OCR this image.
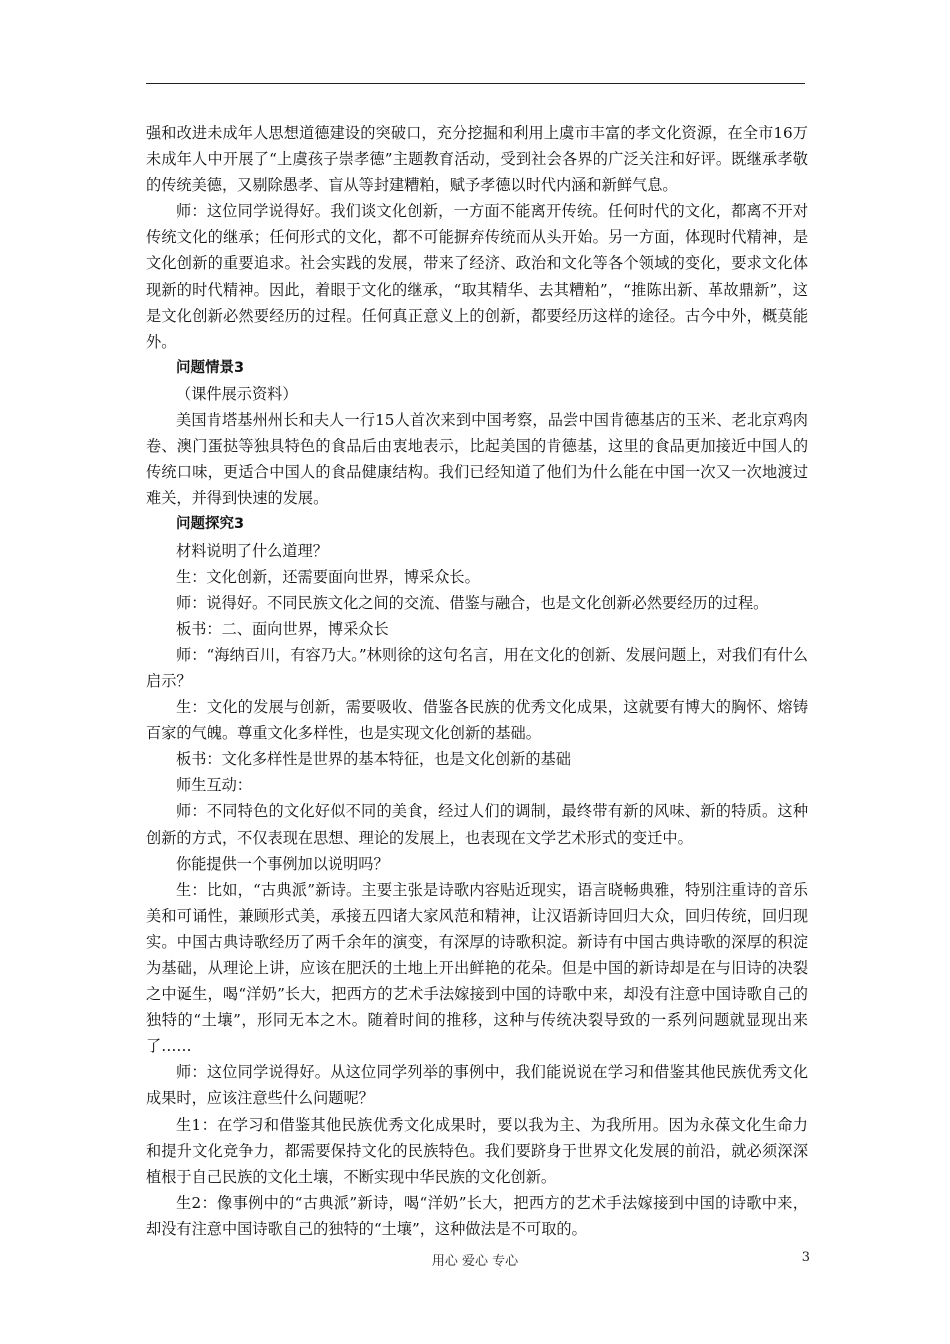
强和改进未成年人思想道德建设的突破口，充分挖掘和利用上虞市丰富的孝文化资源，在全市16万未成年人中开展了“上虞孩子崇孝德”主题教育活动，受到社会各界的广泛关注和好评。既继承孝敬的传统美德，又剔除愚孝、盲从等封建糟粕，赋予孝德以时代内涵和新鲜气息。

师：这位同学说得好。我们谈文化创新，一方面不能离开传统。任何时代的文化，都离不开对传统文化的继承；任何形式的文化，都不可能摒弃传统而从头开始。另一方面，体现时代精神，是文化创新的重要追求。社会实践的发展，带来了经济、政治和文化等各个领域的变化，要求文化体现新的时代精神。因此，着眼于文化的继承，“取其精华、去其糟粕”，“推陈出新、革故鼎新”，这是文化创新必然要经历的过程。任何真正意义上的创新，都要经历这样的途径。古今中外，概莫能外。

问题情景3

（课件展示资料）

美国肯塔基州州长和夫人一行15人首次来到中国考察，品尝中国肯德基店的玉米、老北京鸡肉卷、澳门蛋挞等独具特色的食品后由衷地表示，比起美国的肯德基，这里的食品更加接近中国人的传统口味，更适合中国人的食品健康结构。我们已经知道了他们为什么能在中国一次又一次地渡过难关，并得到快速的发展。

问题探究3

材料说明了什么道理？

生：文化创新，还需要面向世界，博采众长。

师：说得好。不同民族文化之间的交流、借鉴与融合，也是文化创新必然要经历的过程。

板书：二、面向世界，博采众长

师：“海纳百川，有容乃大。”林则徐的这句名言，用在文化的创新、发展问题上，对我们有什么启示？

生：文化的发展与创新，需要吸收、借鉴各民族的优秀文化成果，这就要有博大的胸怀、熔铸百家的气魄。尊重文化多样性，也是实现文化创新的基础。

板书：文化多样性是世界的基本特征，也是文化创新的基础

师生互动：

师：不同特色的文化好似不同的美食，经过人们的调制，最终带有新的风味、新的特质。这种创新的方式，不仅表现在思想、理论的发展上，也表现在文学艺术形式的变迁中。

你能提供一个事例加以说明吗？

生：比如，“古典派”新诗。主要主张是诗歌内容贴近现实，语言晓畅典雅，特别注重诗的音乐美和可诵性，兼顾形式美，承接五四诸大家风范和精神，让汉语新诗回归大众，回归传统，回归现实。中国古典诗歌经历了两千余年的演变，有深厚的诗歌积淀。新诗有中国古典诗歌的深厚的积淀为基础，从理论上讲，应该在肥沃的土地上开出鲜艳的花朵。但是中国的新诗却是在与旧诗的决裂之中诞生，喝“洋奶”长大，把西方的艺术手法嫁接到中国的诗歌中来，却没有注意中国诗歌自己的独特的“土壤”，形同无本之木。随着时间的推移，这种与传统决裂导致的一系列问题就显现出来了……

师：这位同学说得好。从这位同学列举的事例中，我们能说说在学习和借鉴其他民族优秀文化成果时，应该注意些什么问题呢？

生1：在学习和借鉴其他民族优秀文化成果时，要以我为主、为我所用。因为永葆文化生命力和提升文化竞争力，都需要保持文化的民族特色。我们要跻身于世界文化发展的前沿，就必须深深植根于自己民族的文化土壤，不断实现中华民族的文化创新。

生2：像事例中的“古典派”新诗，喝“洋奶”长大，把西方的艺术手法嫁接到中国的诗歌中来，却没有注意中国诗歌自己的独特的“土壤”，这种做法是不可取的。

用心 爱心 专心	3
